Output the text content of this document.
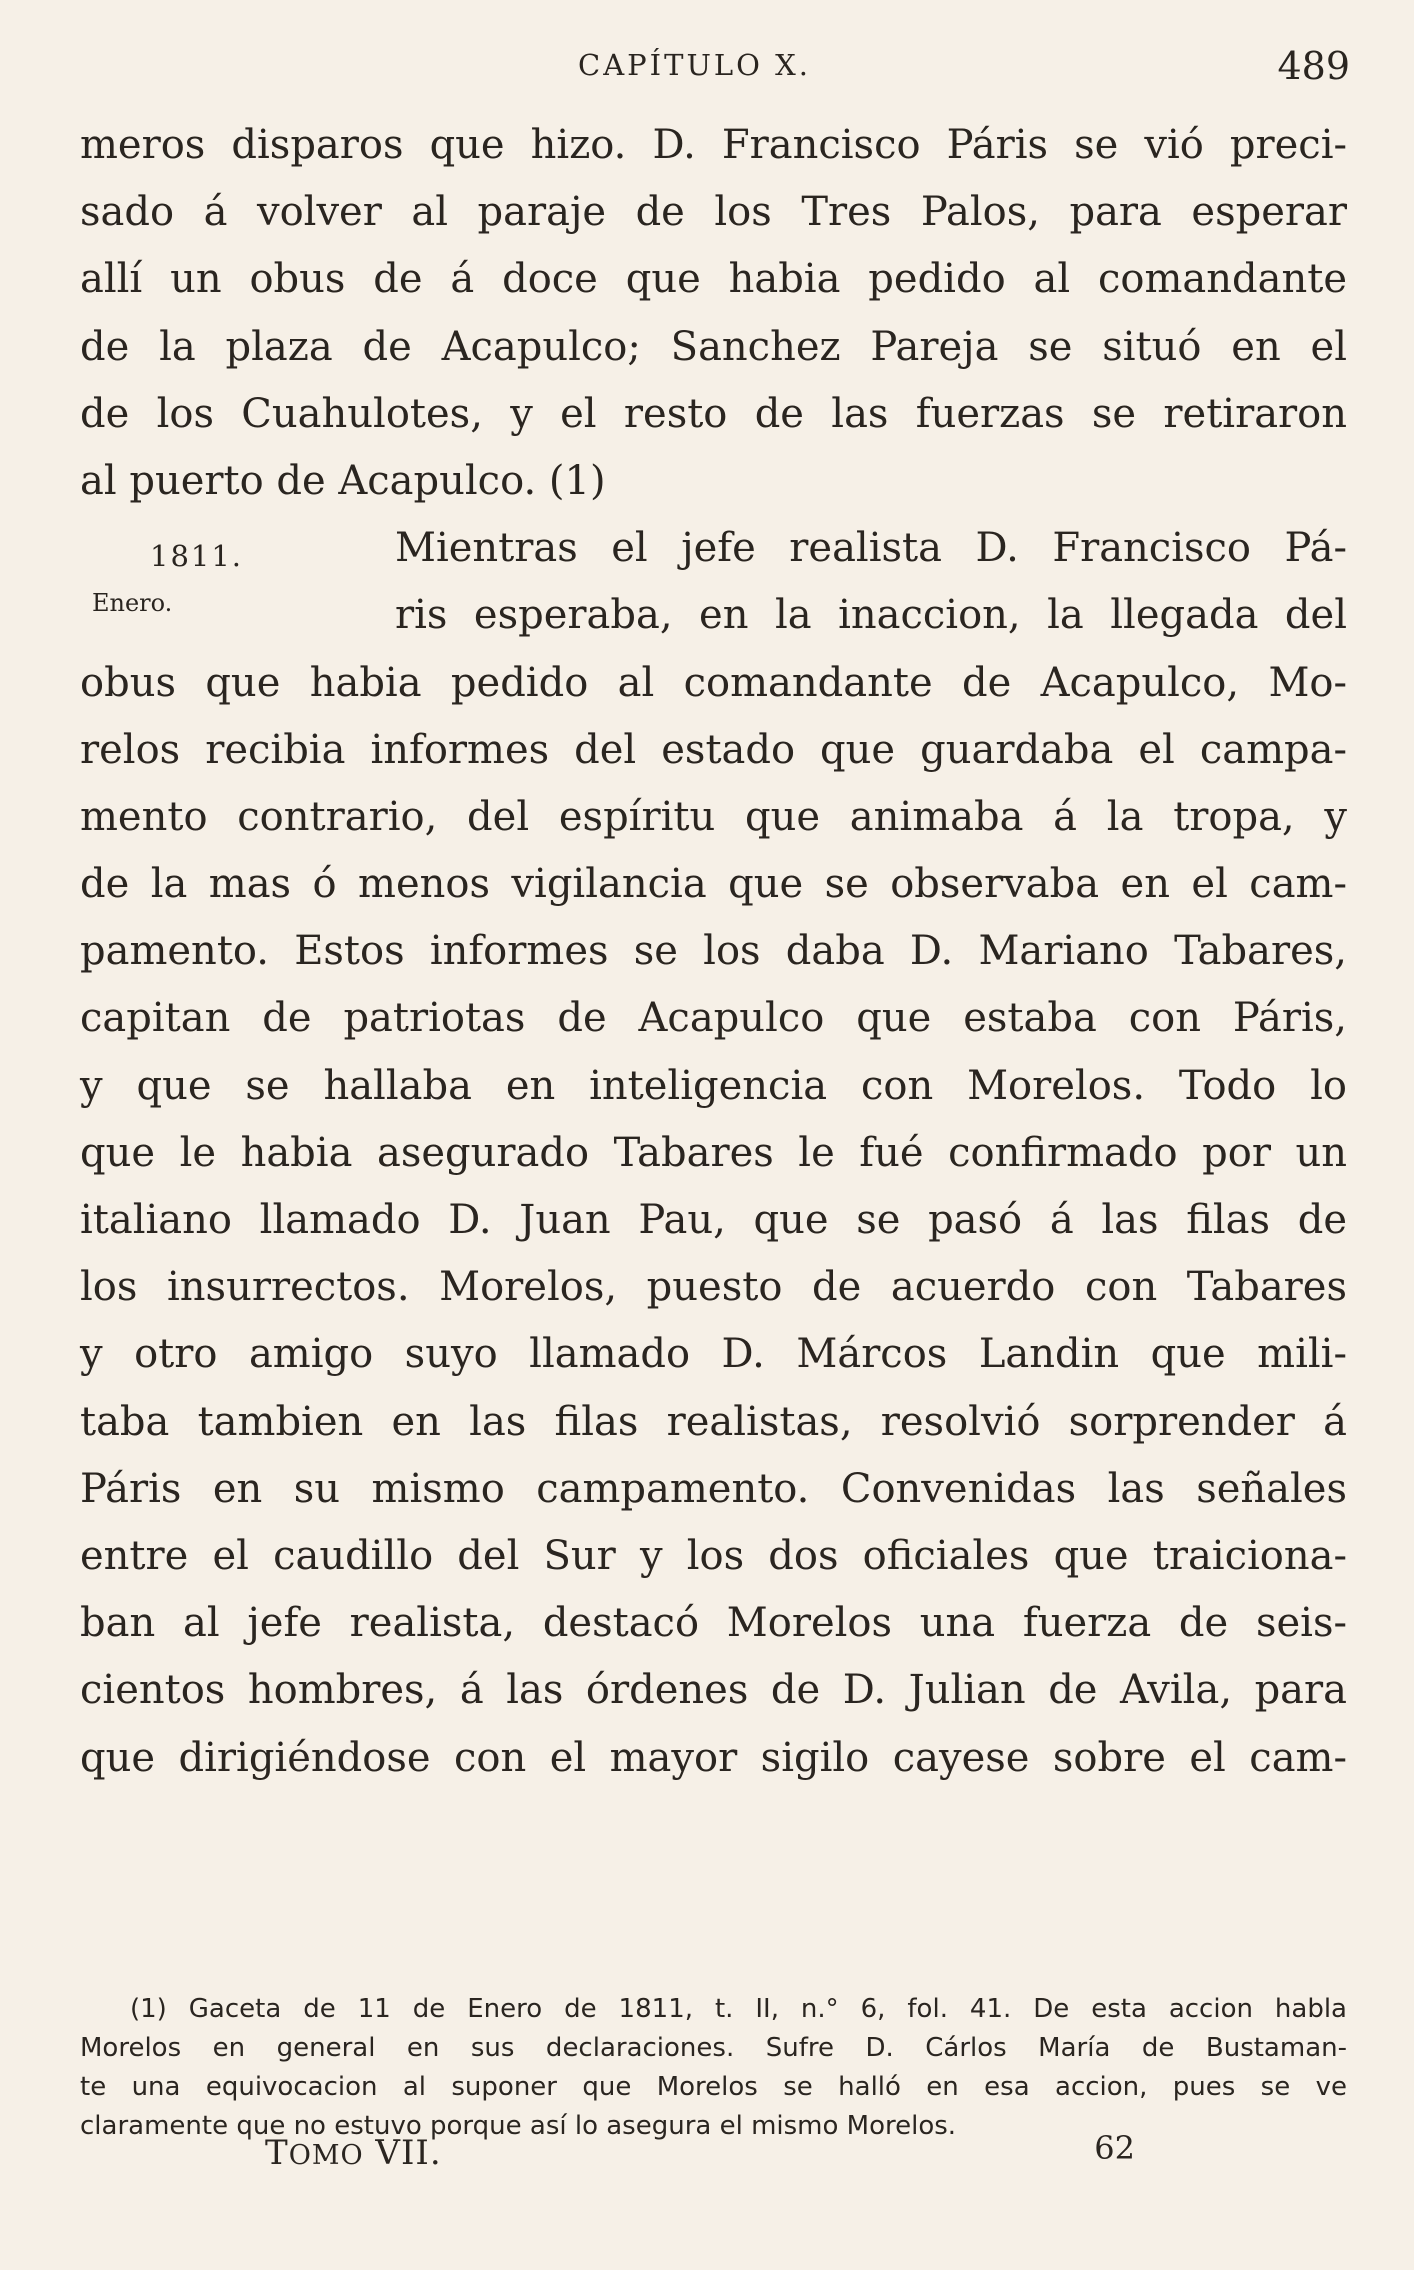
CAPÍTULO X.	489
meros disparos que hizo. D. Francisco Páris se vió preci-
sado á volver al paraje de los Tres Palos, para esperar
allí un obus de á doce que habia pedido al comandante
de la plaza de Acapulco; Sanchez Pareja se situó en el
de los Cuahulotes, y el resto de las fuerzas se retiraron
al puerto de Acapulco. (1)
1811.	Mientras el jefe realista D. Francisco Pá-
Enero.	ris esperaba, en la inaccion, la llegada del
obus que habia pedido al comandante de Acapulco, Mo-
relos recibia informes del estado que guardaba el campa-
mento contrario, del espíritu que animaba á la tropa, y
de la mas ó menos vigilancia que se observaba en el cam-
pamento. Estos informes se los daba D. Mariano Tabares,
capitan de patriotas de Acapulco que estaba con Páris,
y que se hallaba en inteligencia con Morelos. Todo lo
que le habia asegurado Tabares le fué confirmado por un
italiano llamado D. Juan Pau, que se pasó á las filas de
los insurrectos. Morelos, puesto de acuerdo con Tabares
y otro amigo suyo llamado D. Márcos Landin que mili-
taba tambien en las filas realistas, resolvió sorprender á
Páris en su mismo campamento. Convenidas las señales
entre el caudillo del Sur y los dos oficiales que traiciona-
ban al jefe realista, destacó Morelos una fuerza de seis-
cientos hombres, á las órdenes de D. Julian de Avila, para
que dirigiéndose con el mayor sigilo cayese sobre el cam-
(1) Gaceta de 11 de Enero de 1811, t. II, n.° 6, fol. 41. De esta accion habla
Morelos en general en sus declaraciones. Sufre D. Cárlos María de Bustaman-
te una equivocacion al suponer que Morelos se halló en esa accion, pues se ve
claramente que no estuvo porque así lo asegura el mismo Morelos.
TOMO VII.	62
